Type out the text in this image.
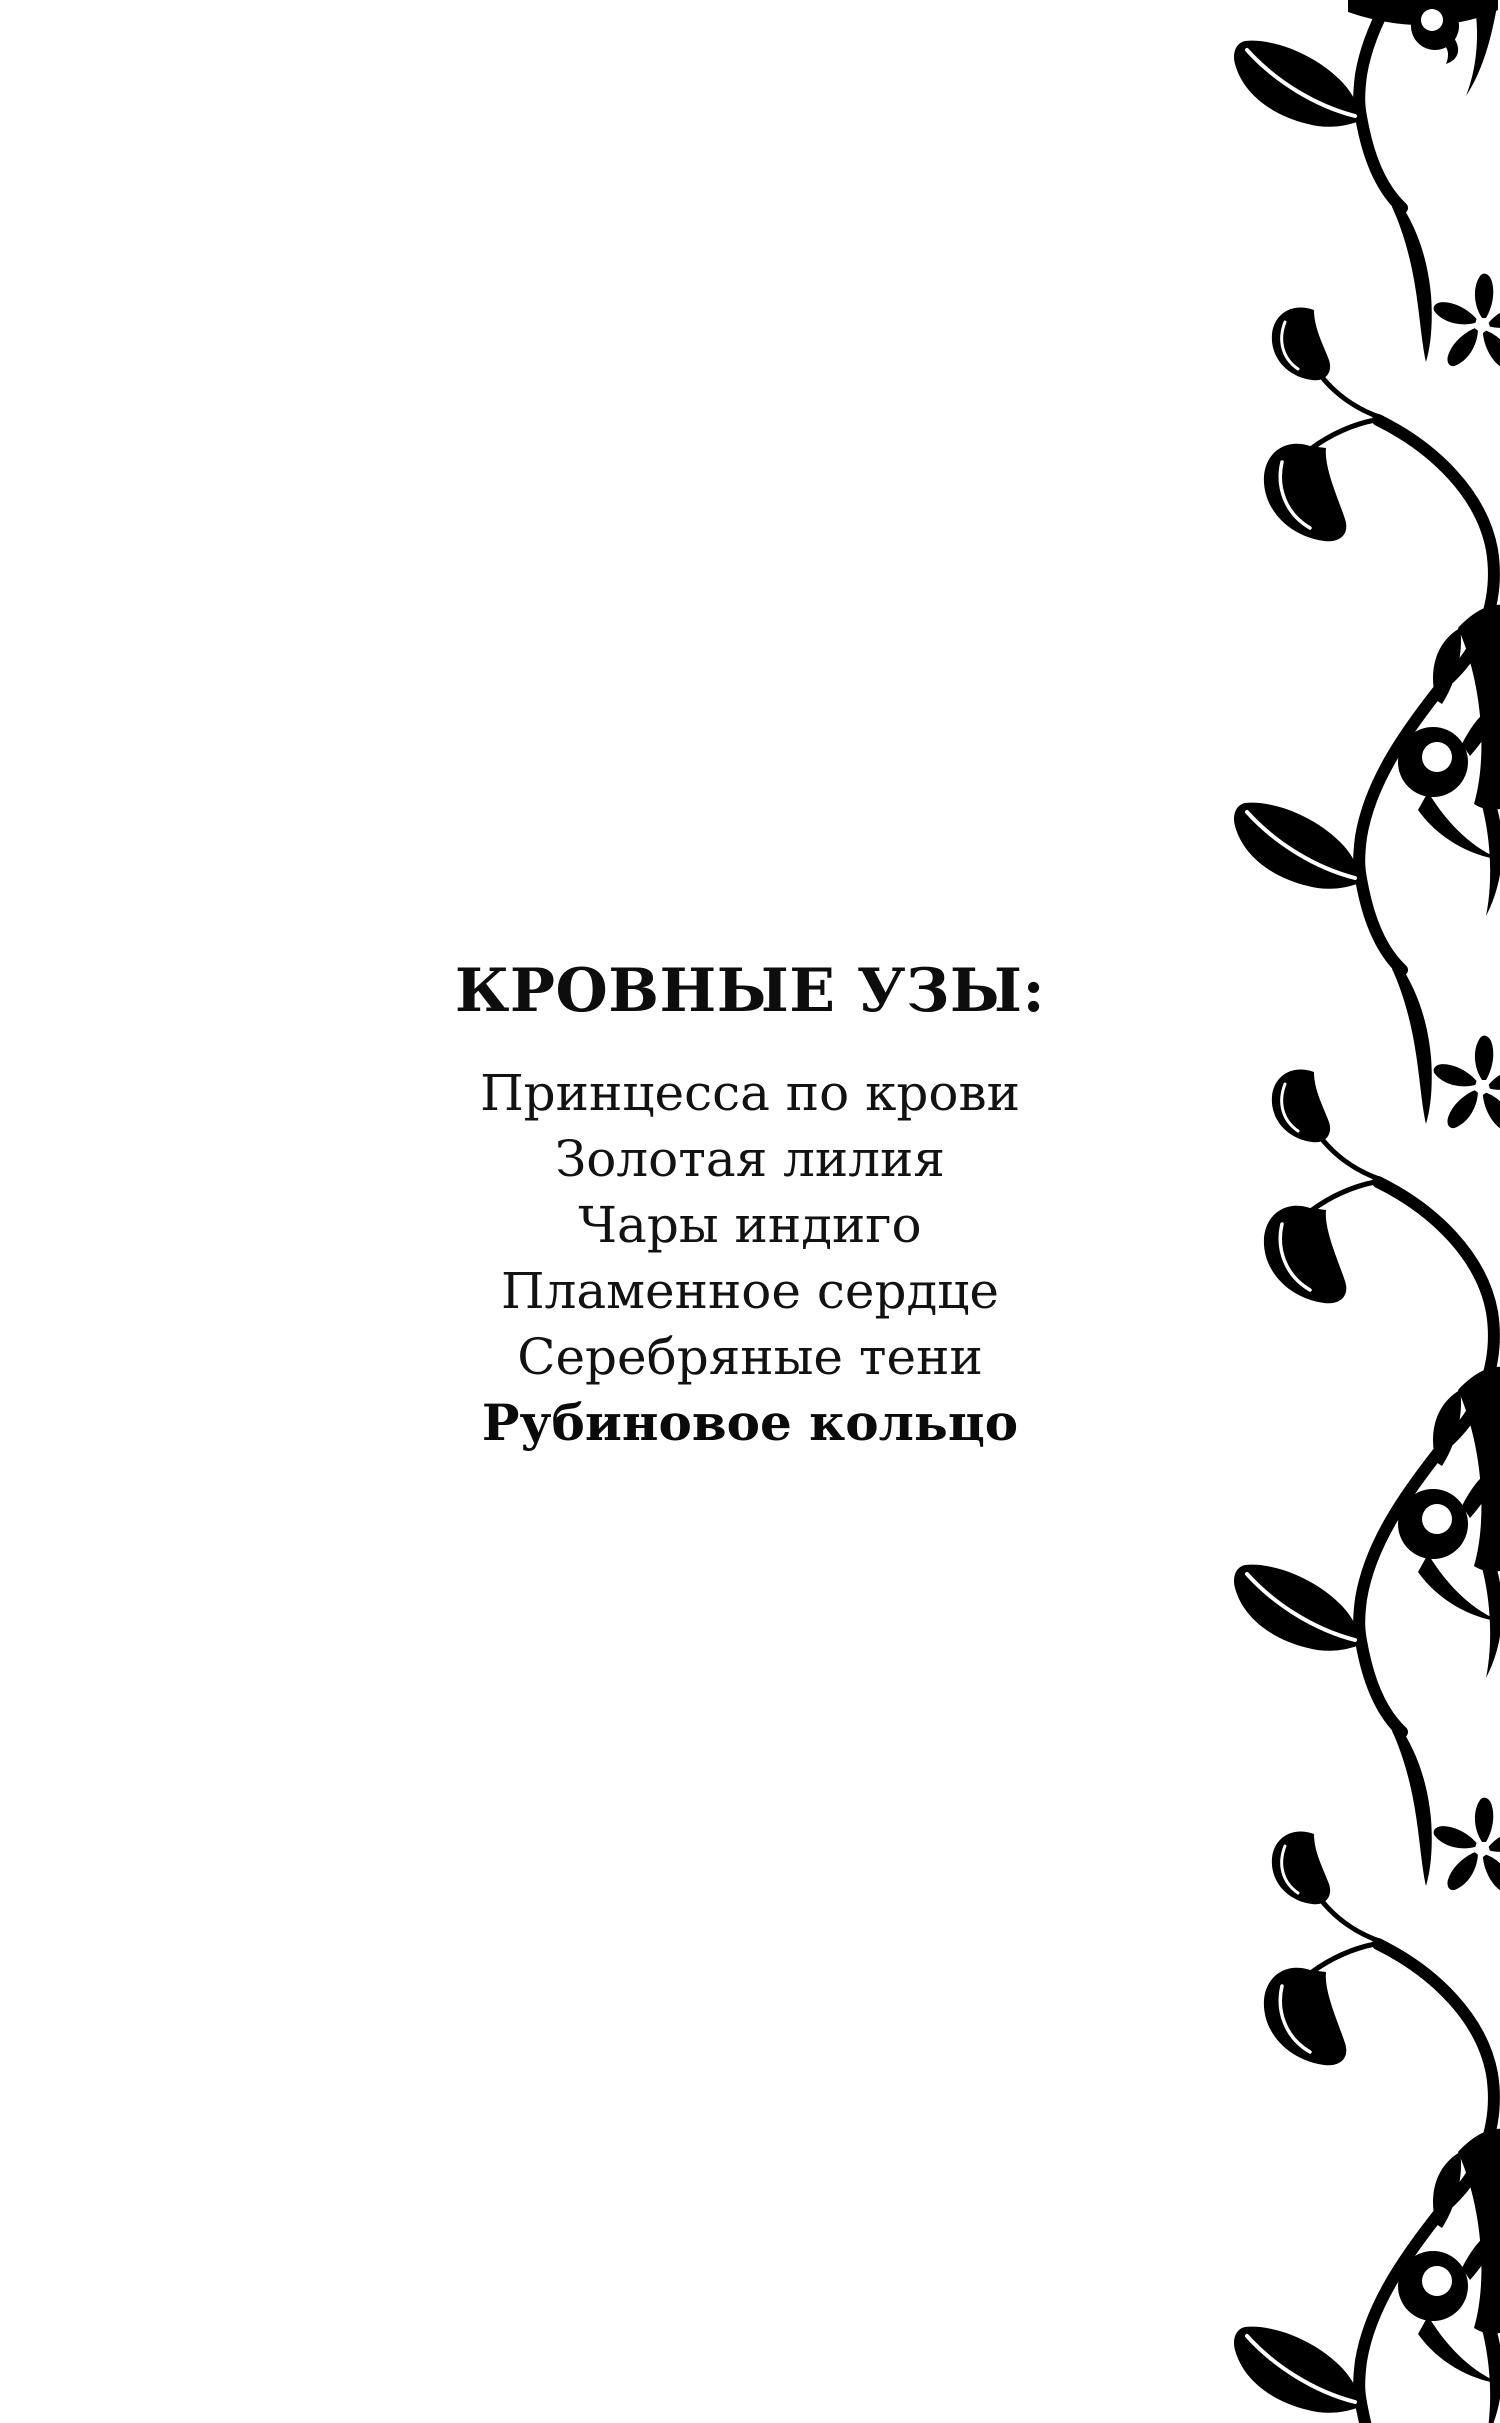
КРОВНЫЕ УЗЫ:
Принцесса по крови
Золотая лилия
Чары индиго
Пламенное сердце
Серебряные тени
Рубиновое кольцо
